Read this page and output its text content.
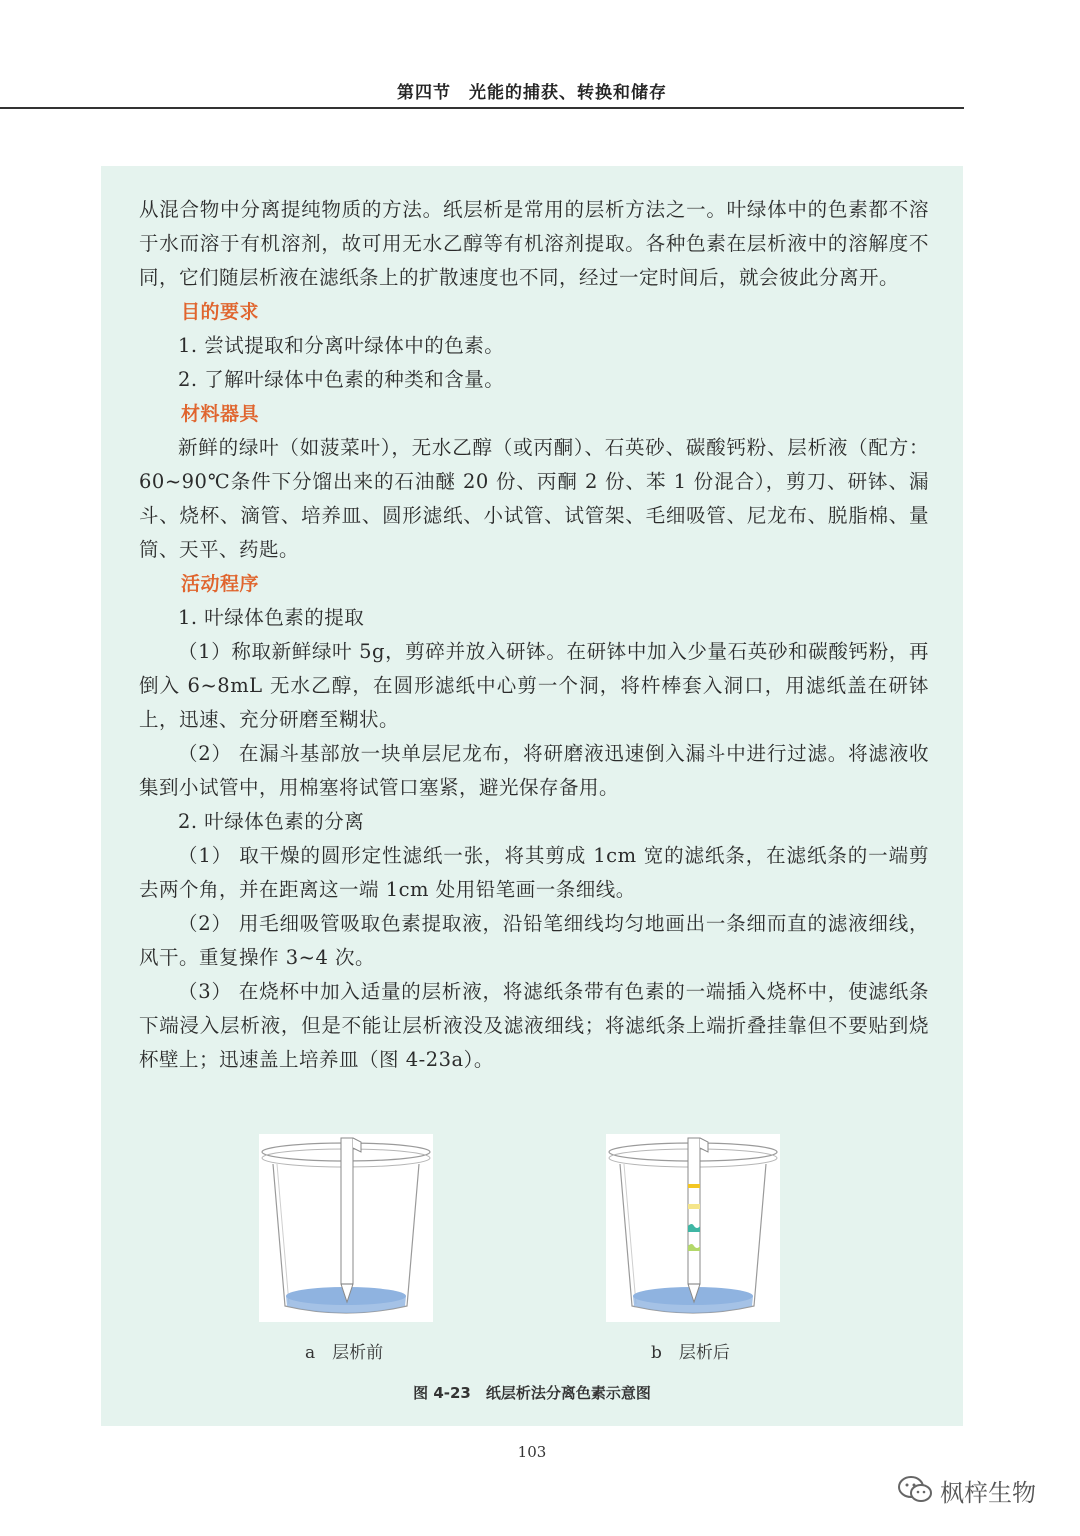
第四节　光能的捕获、转换和储存

从混合物中分离提纯物质的方法。纸层析是常用的层析方法之一。叶绿体中的色素都不溶于水而溶于有机溶剂，故可用无水乙醇等有机溶剂提取。各种色素在层析液中的溶解度不同，它们随层析液在滤纸条上的扩散速度也不同，经过一定时间后，就会彼此分离开。

目的要求

1. 尝试提取和分离叶绿体中的色素。

2. 了解叶绿体中色素的种类和含量。

材料器具

新鲜的绿叶（如菠菜叶），无水乙醇（或丙酮）、石英砂、碳酸钙粉、层析液（配方：60~90℃条件下分馏出来的石油醚 20 份、丙酮 2 份、苯 1 份混合），剪刀、研钵、漏斗、烧杯、滴管、培养皿、圆形滤纸、小试管、试管架、毛细吸管、尼龙布、脱脂棉、量筒、天平、药匙。

活动程序

1. 叶绿体色素的提取

（1）称取新鲜绿叶 5g，剪碎并放入研钵。在研钵中加入少量石英砂和碳酸钙粉，再倒入 6~8mL 无水乙醇，在圆形滤纸中心剪一个洞，将杵棒套入洞口，用滤纸盖在研钵上，迅速、充分研磨至糊状。

（2） 在漏斗基部放一块单层尼龙布，将研磨液迅速倒入漏斗中进行过滤。将滤液收集到小试管中，用棉塞将试管口塞紧，避光保存备用。

2. 叶绿体色素的分离

（1） 取干燥的圆形定性滤纸一张，将其剪成 1cm 宽的滤纸条，在滤纸条的一端剪去两个角，并在距离这一端 1cm 处用铅笔画一条细线。

（2） 用毛细吸管吸取色素提取液，沿铅笔细线均匀地画出一条细而直的滤液细线，风干。重复操作 3~4 次。

（3） 在烧杯中加入适量的层析液，将滤纸条带有色素的一端插入烧杯中，使滤纸条下端浸入层析液，但是不能让层析液没及滤液细线；将滤纸条上端折叠挂靠但不要贴到烧杯壁上；迅速盖上培养皿（图 4-23a）。

a　层析前	b　层析后
图 4-23　纸层析法分离色素示意图
103
枫梓生物
